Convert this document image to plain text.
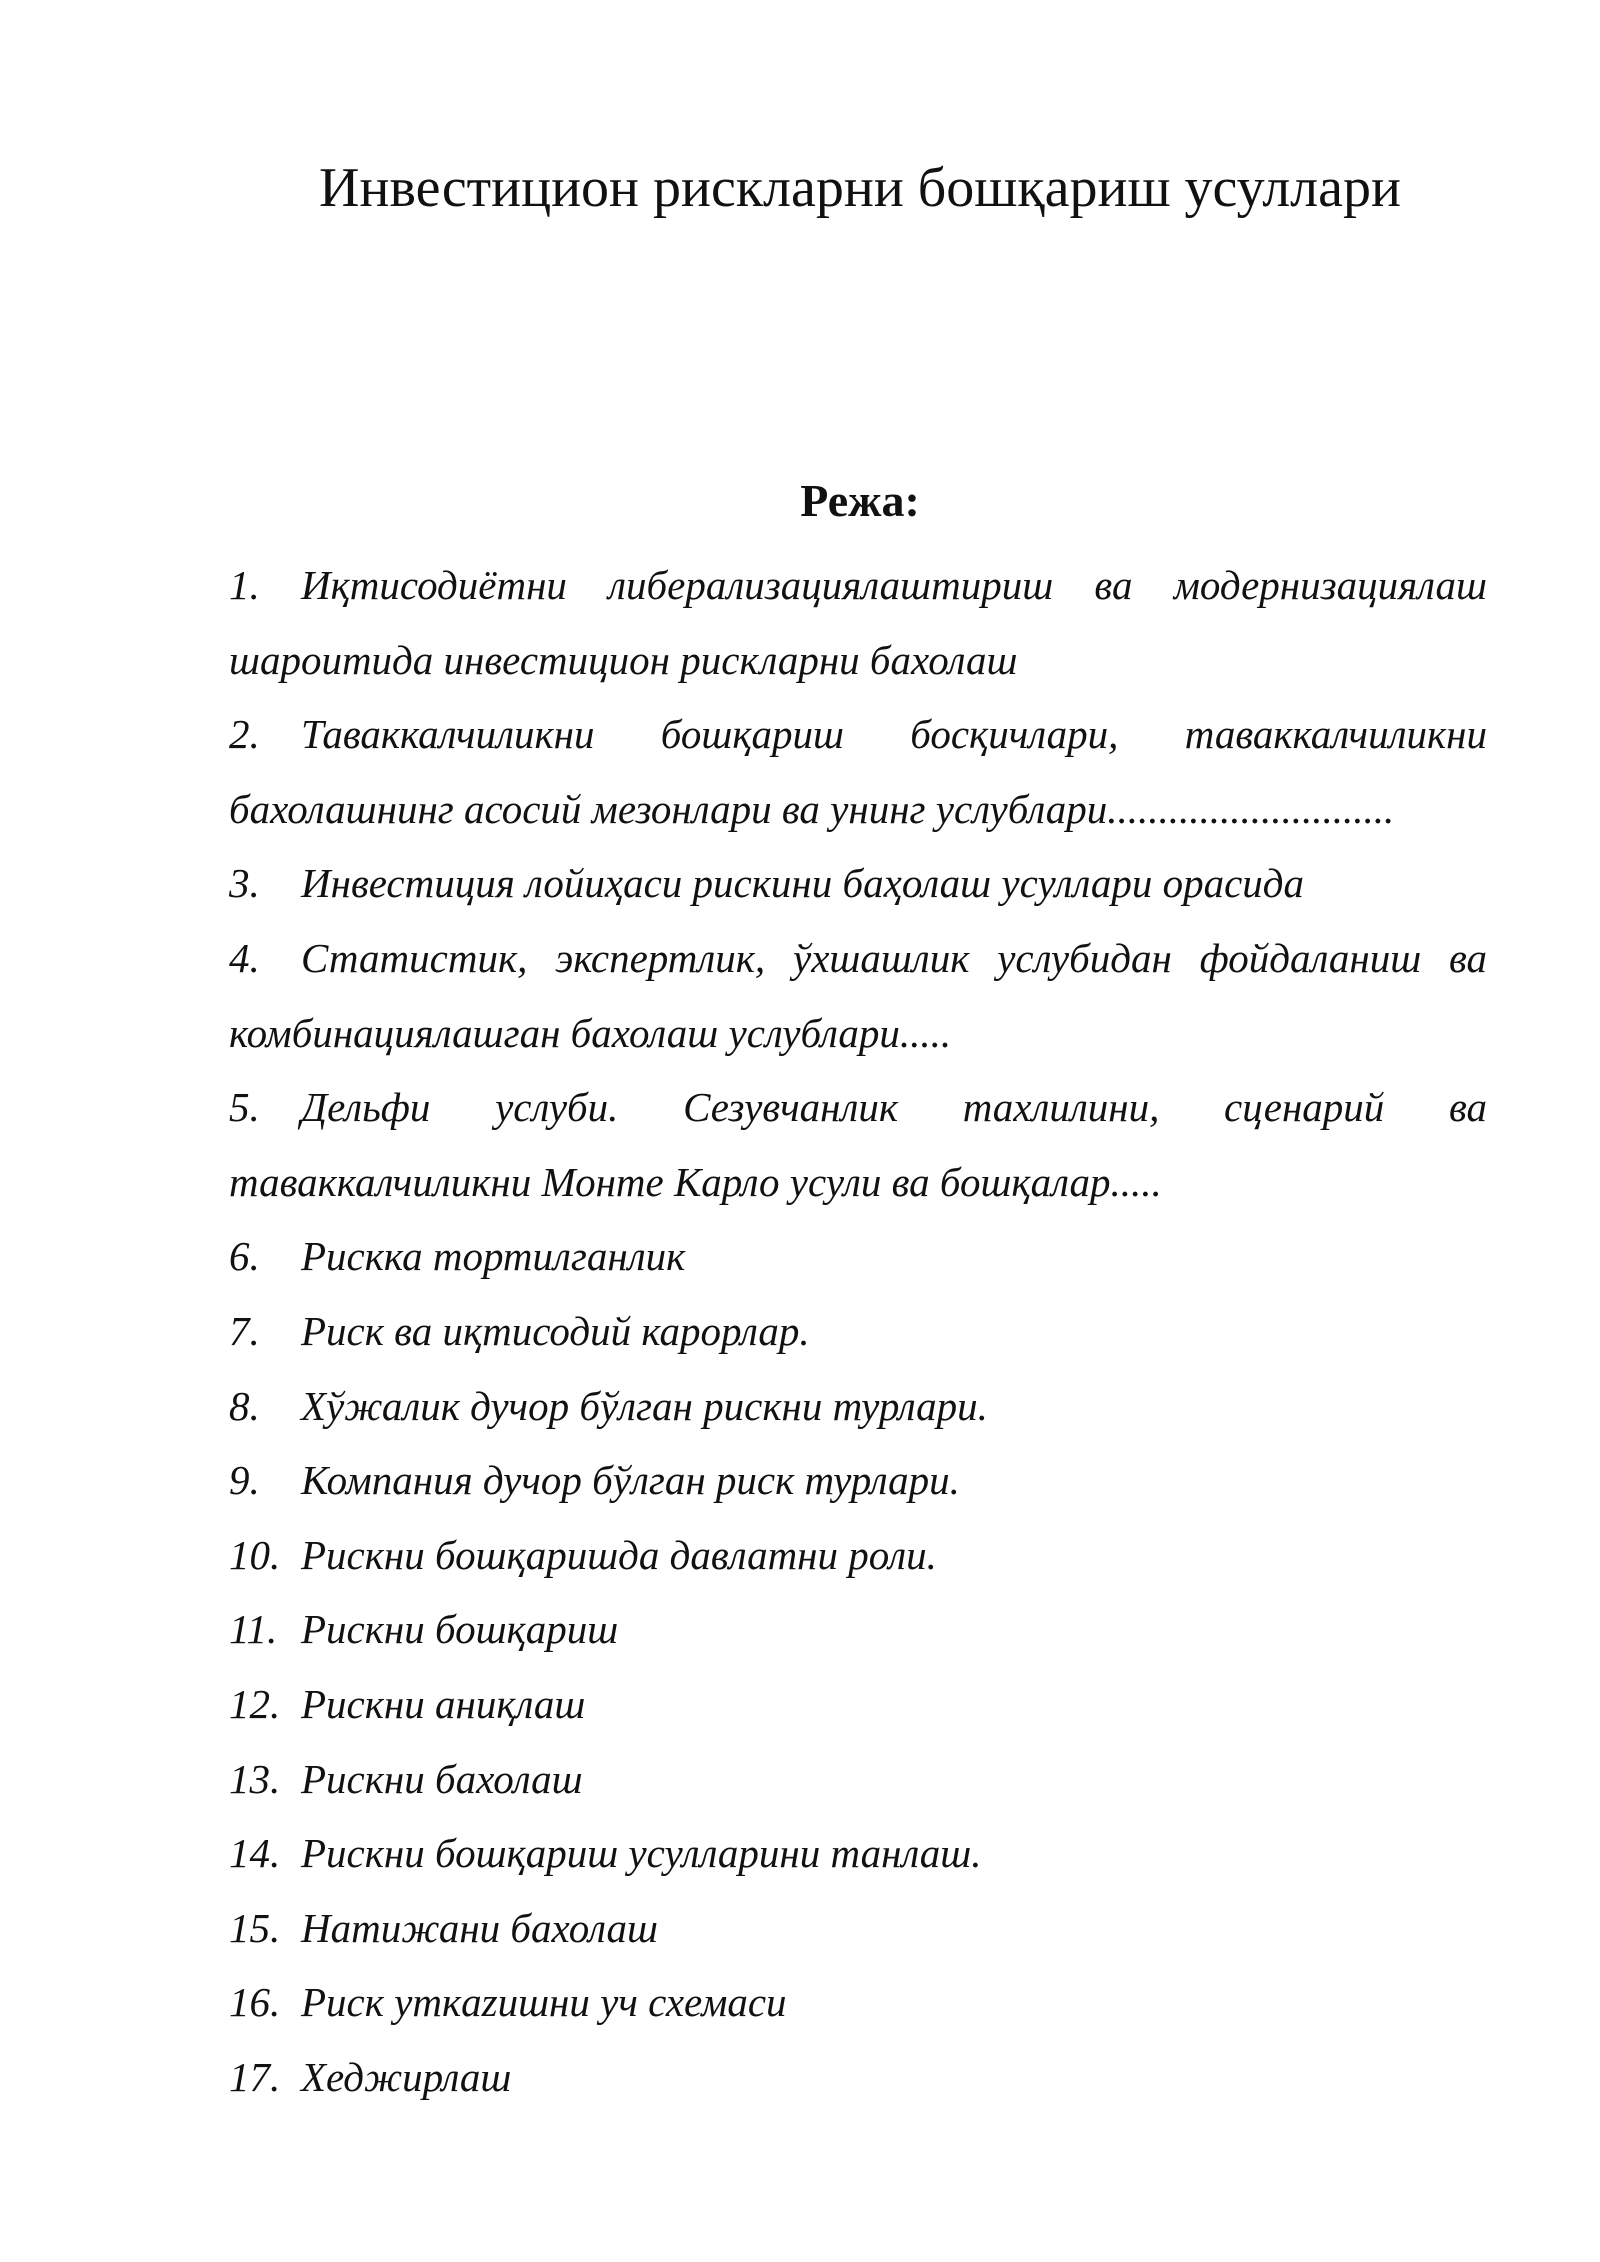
Инвестицион рискларни бошқариш усуллари
Режа:
1. Иқтисодиётни либерализациялаштириш ва модернизациялаш шароитида инвестицион рискларни бахолаш
2. Таваккалчиликни бошқариш босқичлари, таваккалчиликни бахолашнинг асосий мезонлари ва унинг услублари............................
3. Инвестиция лойиҳаси рискини баҳолаш усуллари орасида
4. Статистик, экспертлик, ўхшашлик услубидан фойдаланиш ва комбинациялашган бахолаш услублари.....
5. Дельфи услуби. Сезувчанлик тахлилини, сценарий ва таваккалчиликни Монте Карло усули ва бошқалар.....
6. Рискка тортилганлик
7. Риск ва иқтисодий карорлар.
8. Хўжалик дучор бўлган рискни турлари.
9. Компания дучор бўлган риск турлари.
10. Рискни бошқаришда давлатни роли.
11. Рискни бошқариш
12. Рискни аниқлаш
13. Рискни бахолаш
14. Рискни бошқариш усулларини танлаш.
15. Натижани бахолаш
16. Риск уткazишни уч схемаси
17. Хеджирлаш
